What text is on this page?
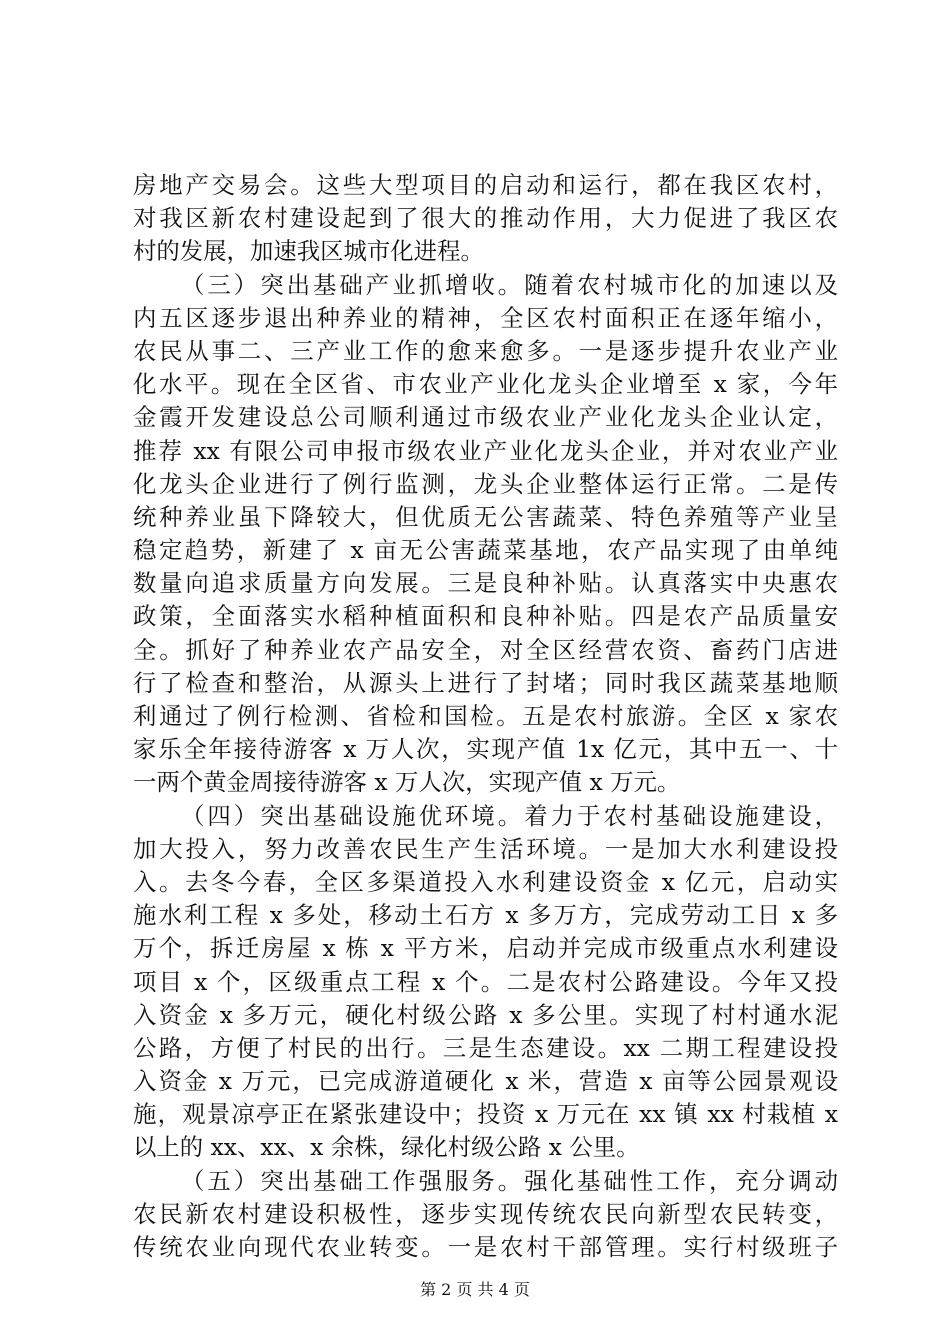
房地产交易会。这些大型项目的启动和运行，都在我区农村，
对我区新农村建设起到了很大的推动作用，大力促进了我区农
村的发展，加速我区城市化进程。
（三）突出基础产业抓增收。随着农村城市化的加速以及
内五区逐步退出种养业的精神，全区农村面积正在逐年缩小，
农民从事二、三产业工作的愈来愈多。一是逐步提升农业产业
化水平。现在全区省、市农业产业化龙头企业增至 x 家，今年
金霞开发建设总公司顺利通过市级农业产业化龙头企业认定，
推荐 xx 有限公司申报市级农业产业化龙头企业，并对农业产业
化龙头企业进行了例行监测，龙头企业整体运行正常。二是传
统种养业虽下降较大，但优质无公害蔬菜、特色养殖等产业呈
稳定趋势，新建了 x 亩无公害蔬菜基地，农产品实现了由单纯
数量向追求质量方向发展。三是良种补贴。认真落实中央惠农
政策，全面落实水稻种植面积和良种补贴。四是农产品质量安
全。抓好了种养业农产品安全，对全区经营农资、畜药门店进
行了检查和整治，从源头上进行了封堵；同时我区蔬菜基地顺
利通过了例行检测、省检和国检。五是农村旅游。全区 x 家农
家乐全年接待游客 x 万人次，实现产值 1x 亿元，其中五一、十
一两个黄金周接待游客 x 万人次，实现产值 x 万元。
（四）突出基础设施优环境。着力于农村基础设施建设，
加大投入，努力改善农民生产生活环境。一是加大水利建设投
入。去冬今春，全区多渠道投入水利建设资金 x 亿元，启动实
施水利工程 x 多处，移动土石方 x 多万方，完成劳动工日 x 多
万个，拆迁房屋 x 栋 x 平方米，启动并完成市级重点水利建设
项目 x 个，区级重点工程 x 个。二是农村公路建设。今年又投
入资金 x 多万元，硬化村级公路 x 多公里。实现了村村通水泥
公路，方便了村民的出行。三是生态建设。xx 二期工程建设投
入资金 x 万元，已完成游道硬化 x 米，营造 x 亩等公园景观设
施，观景凉亭正在紧张建设中；投资 x 万元在 xx 镇 xx 村栽植 x
以上的 xx、xx、x 余株，绿化村级公路 x 公里。
（五）突出基础工作强服务。强化基础性工作，充分调动
农民新农村建设积极性，逐步实现传统农民向新型农民转变，
传统农业向现代农业转变。一是农村干部管理。实行村级班子
第 2 页 共 4 页
